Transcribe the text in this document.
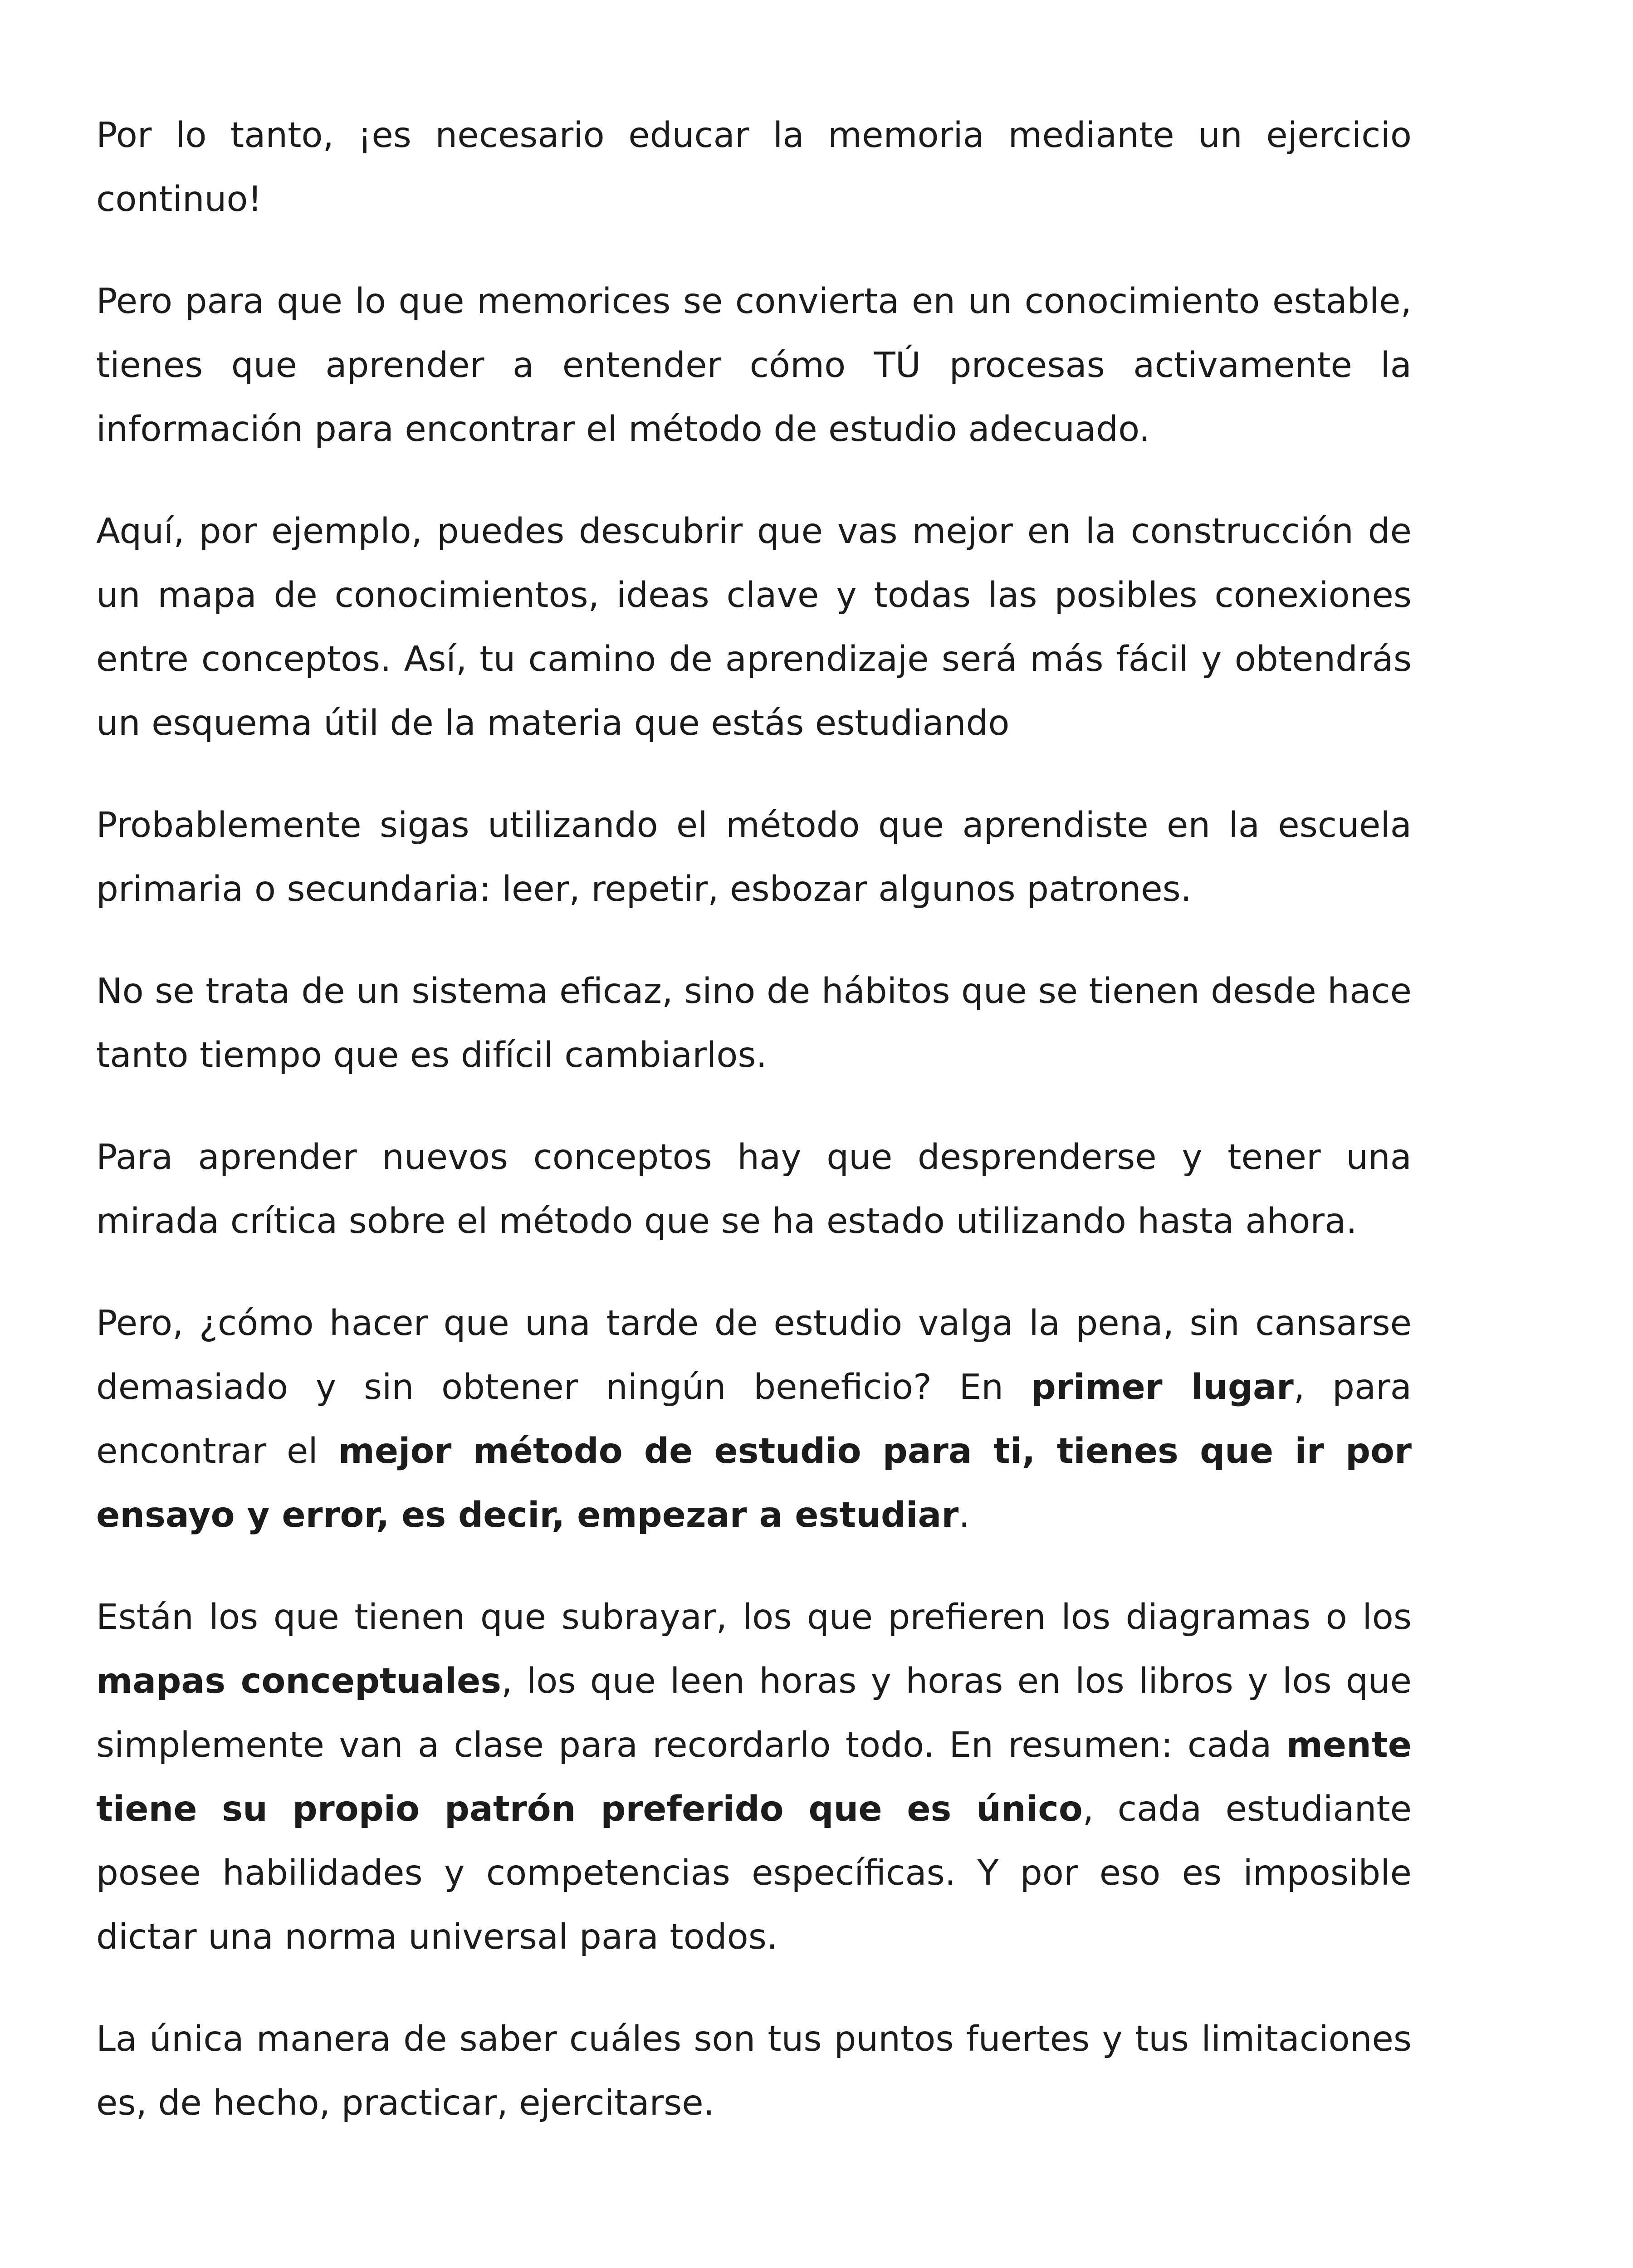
Por lo tanto, ¡es necesario educar la memoria mediante un ejercicio continuo!

Pero para que lo que memorices se convierta en un conocimiento estable, tienes que aprender a entender cómo TÚ procesas activamente la información para encontrar el método de estudio adecuado.

Aquí, por ejemplo, puedes descubrir que vas mejor en la construcción de un mapa de conocimientos, ideas clave y todas las posibles conexiones entre conceptos. Así, tu camino de aprendizaje será más fácil y obtendrás un esquema útil de la materia que estás estudiando

Probablemente sigas utilizando el método que aprendiste en la escuela primaria o secundaria: leer, repetir, esbozar algunos patrones.

No se trata de un sistema eficaz, sino de hábitos que se tienen desde hace tanto tiempo que es difícil cambiarlos.

Para aprender nuevos conceptos hay que desprenderse y tener una mirada crítica sobre el método que se ha estado utilizando hasta ahora.

Pero, ¿cómo hacer que una tarde de estudio valga la pena, sin cansarse demasiado y sin obtener ningún beneficio? En primer lugar, para encontrar el mejor método de estudio para ti, tienes que ir por ensayo y error, es decir, empezar a estudiar.

Están los que tienen que subrayar, los que prefieren los diagramas o los mapas conceptuales, los que leen horas y horas en los libros y los que simplemente van a clase para recordarlo todo. En resumen: cada mente tiene su propio patrón preferido que es único, cada estudiante posee habilidades y competencias específicas. Y por eso es imposible dictar una norma universal para todos.

La única manera de saber cuáles son tus puntos fuertes y tus limitaciones es, de hecho, practicar, ejercitarse.
